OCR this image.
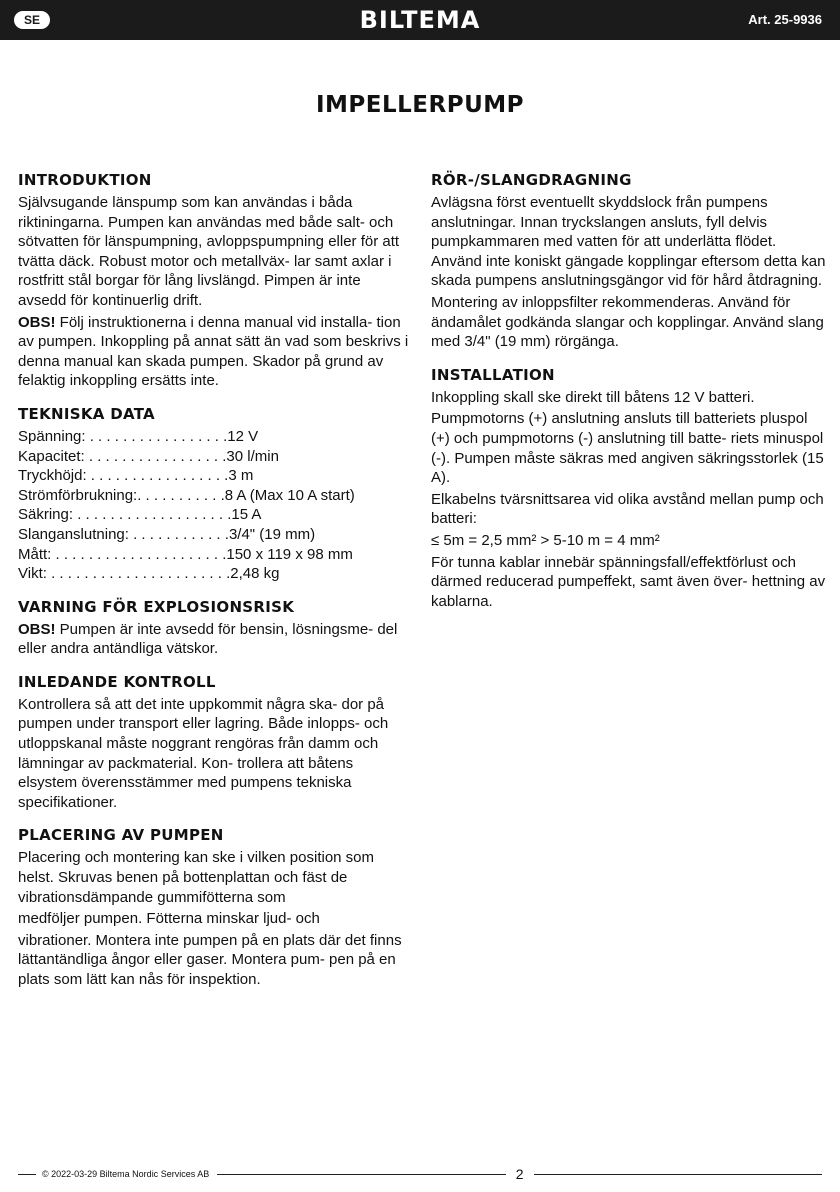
SE	BILTEMA	Art. 25-9936
IMPELLERPUMP
INTRODUKTION

Självsugande länspump som kan användas i båda riktiningarna. Pumpen kan användas med både salt- och sötvatten för länspumpning, avloppspumpning eller för att tvätta däck. Robust motor och metallväx- lar samt axlar i rostfritt stål borgar för lång livslängd. Pimpen är inte avsedd för kontinuerlig drift.

OBS! Följ instruktionerna i denna manual vid installa- tion av pumpen. Inkoppling på annat sätt än vad som beskrivs i denna manual kan skada pumpen. Skador på grund av felaktig inkoppling ersätts inte.

TEKNISKA DATA
Spänning: . . . . . . . . . . . . . . . . . 12 V
Kapacitet: . . . . . . . . . . . . . . . . . 30 l/min
Tryckhöjd: . . . . . . . . . . . . . . . . . 3 m
Strömförbrukning:. . . . . . . . . . . 8 A (Max 10 A start)
Säkring: . . . . . . . . . . . . . . . . . . . 15 A
Slanganslutning: . . . . . . . . . . . . 3/4" (19 mm)
Mått: . . . . . . . . . . . . . . . . . . . . . 150 x 119 x 98 mm
Vikt: . . . . . . . . . . . . . . . . . . . . . . 2,48 kg
VARNING FÖR EXPLOSIONSRISK

OBS! Pumpen är inte avsedd för bensin, lösningsme- del eller andra antändliga vätskor.

INLEDANDE KONTROLL

Kontrollera så att det inte uppkommit några ska- dor på pumpen under transport eller lagring. Både inlopps- och utloppskanal måste noggrant rengöras från damm och lämningar av packmaterial. Kon- trollera att båtens elsystem överensstämmer med pumpens tekniska specifikationer.

PLACERING AV PUMPEN

Placering och montering kan ske i vilken position som helst. Skruvas benen på bottenplattan och fäst de vibrationsdämpande gummifötterna som

medföljer pumpen. Fötterna minskar ljud- och

vibrationer. Montera inte pumpen på en plats där det finns lättantändliga ångor eller gaser. Montera pum- pen på en plats som lätt kan nås för inspektion.

RÖR-/SLANGDRAGNING

Avlägsna först eventuellt skyddslock från pumpens anslutningar. Innan tryckslangen ansluts, fyll delvis pumpkammaren med vatten för att underlätta flödet. Använd inte koniskt gängade kopplingar eftersom detta kan skada pumpens anslutningsgängor vid för hård åtdragning.

Montering av inloppsfilter rekommenderas. Använd för ändamålet godkända slangar och kopplingar. Använd slang med 3/4" (19 mm) rörgänga.

INSTALLATION

Inkoppling skall ske direkt till båtens 12 V batteri.

Pumpmotorns (+) anslutning ansluts till batteriets pluspol (+) och pumpmotorns (-) anslutning till batte- riets minuspol (-). Pumpen måste säkras med angiven säkringsstorlek (15 A).

Elkabelns tvärsnittsarea vid olika avstånd mellan pump och batteri:

≤ 5m = 2,5 mm² > 5-10 m = 4 mm²

För tunna kablar innebär spänningsfall/effektförlust och därmed reducerad pumpeffekt, samt även över- hettning av kablarna.

© 2022-03-29 Biltema Nordic Services AB	2
